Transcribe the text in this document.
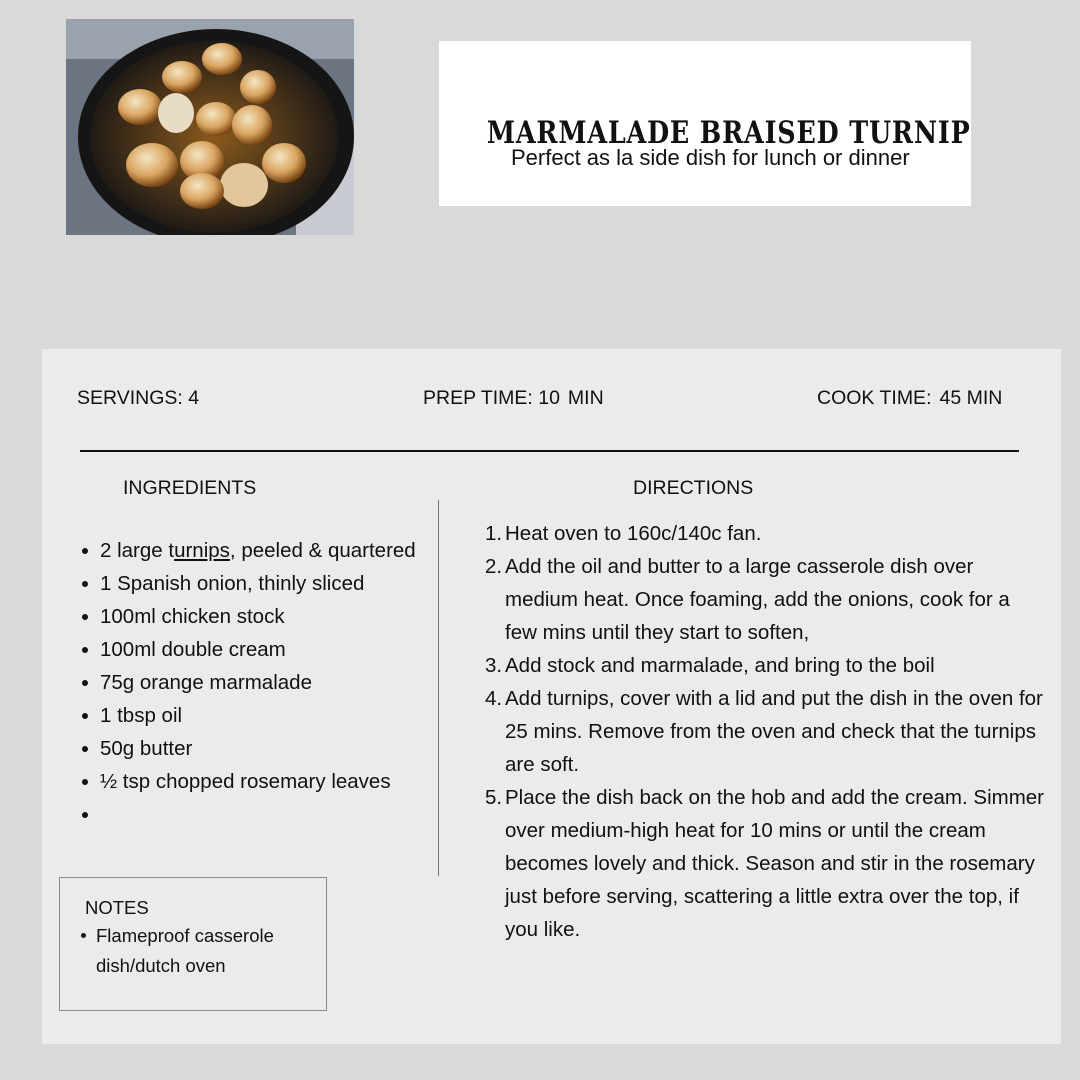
MARMALADE BRAISED TURNIP
Perfect as la side dish for lunch or dinner
SERVINGS: 4	PREP TIME: 10 MIN	COOK TIME: 45 MIN
INGREDIENTS	DIRECTIONS
2 large turnips, peeled & quartered
1 Spanish onion, thinly sliced
100ml chicken stock
100ml double cream
75g orange marmalade
1 tbsp oil
50g butter
½ tsp chopped rosemary leaves

NOTES
Flameproof casserole dish/dutch oven
1. Heat oven to 160c/140c fan.
2. Add the oil and butter to a large casserole dish over medium heat. Once foaming, add the onions, cook for a few mins until they start to soften,
3. Add stock and marmalade, and bring to the boil
4. Add turnips, cover with a lid and put the dish in the oven for 25 mins. Remove from the oven and check that the turnips are soft.
5. Place the dish back on the hob and add the cream. Simmer over medium-high heat for 10 mins or until the cream becomes lovely and thick. Season and stir in the rosemary just before serving, scattering a little extra over the top, if you like.
